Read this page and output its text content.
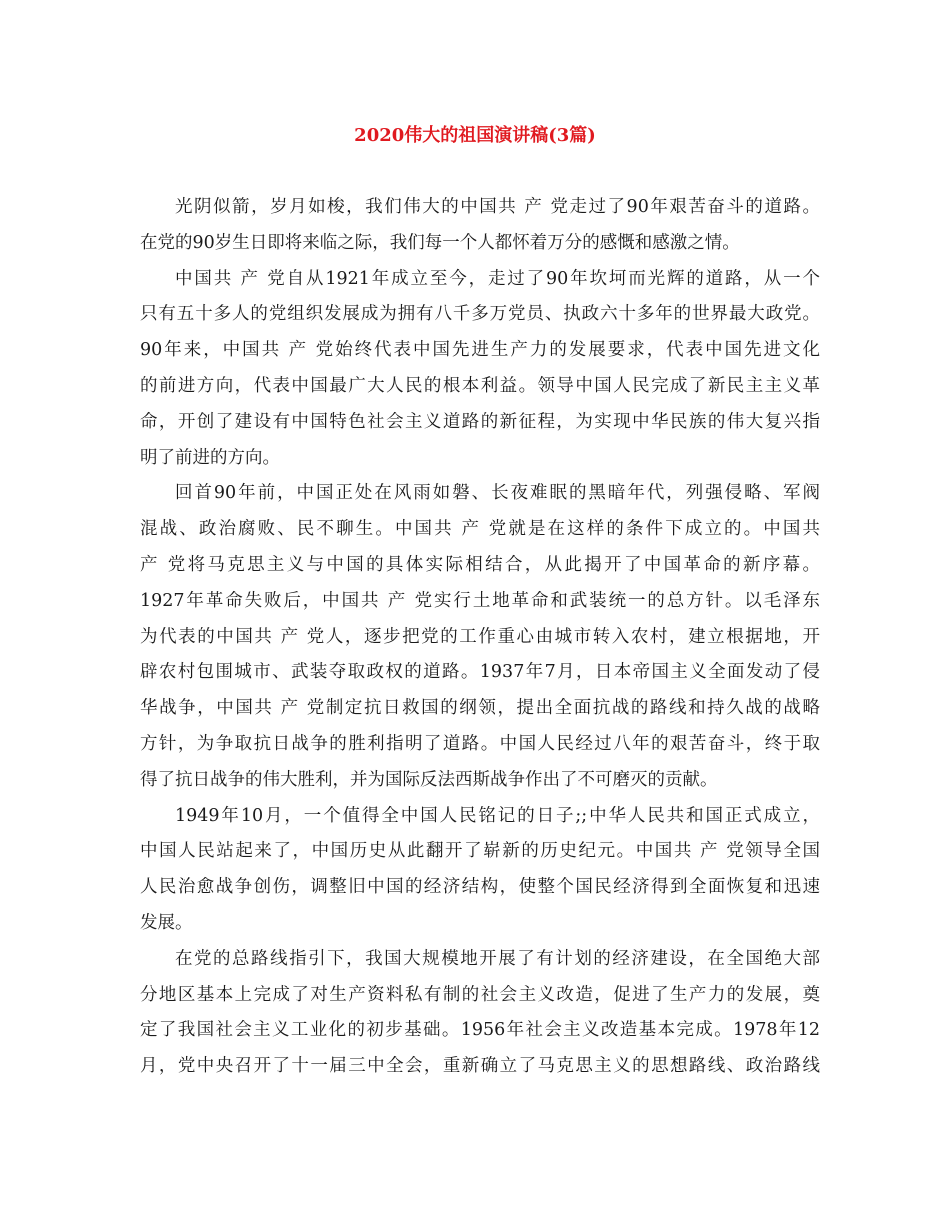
2020伟大的祖国演讲稿(3篇)
光阴似箭，岁月如梭，我们伟大的中国共 产 党走过了90年艰苦奋斗的道路。
在党的90岁生日即将来临之际，我们每一个人都怀着万分的感慨和感激之情。
中国共 产 党自从1921年成立至今，走过了90年坎坷而光辉的道路，从一个
只有五十多人的党组织发展成为拥有八千多万党员、执政六十多年的世界最大政党。
90年来，中国共 产 党始终代表中国先进生产力的发展要求，代表中国先进文化
的前进方向，代表中国最广大人民的根本利益。领导中国人民完成了新民主主义革
命，开创了建设有中国特色社会主义道路的新征程，为实现中华民族的伟大复兴指
明了前进的方向。
回首90年前，中国正处在风雨如磐、长夜难眠的黑暗年代，列强侵略、军阀
混战、政治腐败、民不聊生。中国共 产 党就是在这样的条件下成立的。中国共
产 党将马克思主义与中国的具体实际相结合，从此揭开了中国革命的新序幕。
1927年革命失败后，中国共 产 党实行土地革命和武装统一的总方针。以毛泽东
为代表的中国共 产 党人，逐步把党的工作重心由城市转入农村，建立根据地，开
辟农村包围城市、武装夺取政权的道路。1937年7月，日本帝国主义全面发动了侵
华战争，中国共 产 党制定抗日救国的纲领，提出全面抗战的路线和持久战的战略
方针，为争取抗日战争的胜利指明了道路。中国人民经过八年的艰苦奋斗，终于取
得了抗日战争的伟大胜利，并为国际反法西斯战争作出了不可磨灭的贡献。
1949年10月，一个值得全中国人民铭记的日子;;中华人民共和国正式成立，
中国人民站起来了，中国历史从此翻开了崭新的历史纪元。中国共 产 党领导全国
人民治愈战争创伤，调整旧中国的经济结构，使整个国民经济得到全面恢复和迅速
发展。
在党的总路线指引下，我国大规模地开展了有计划的经济建设，在全国绝大部
分地区基本上完成了对生产资料私有制的社会主义改造，促进了生产力的发展，奠
定了我国社会主义工业化的初步基础。1956年社会主义改造基本完成。1978年12
月，党中央召开了十一届三中全会，重新确立了马克思主义的思想路线、政治路线
